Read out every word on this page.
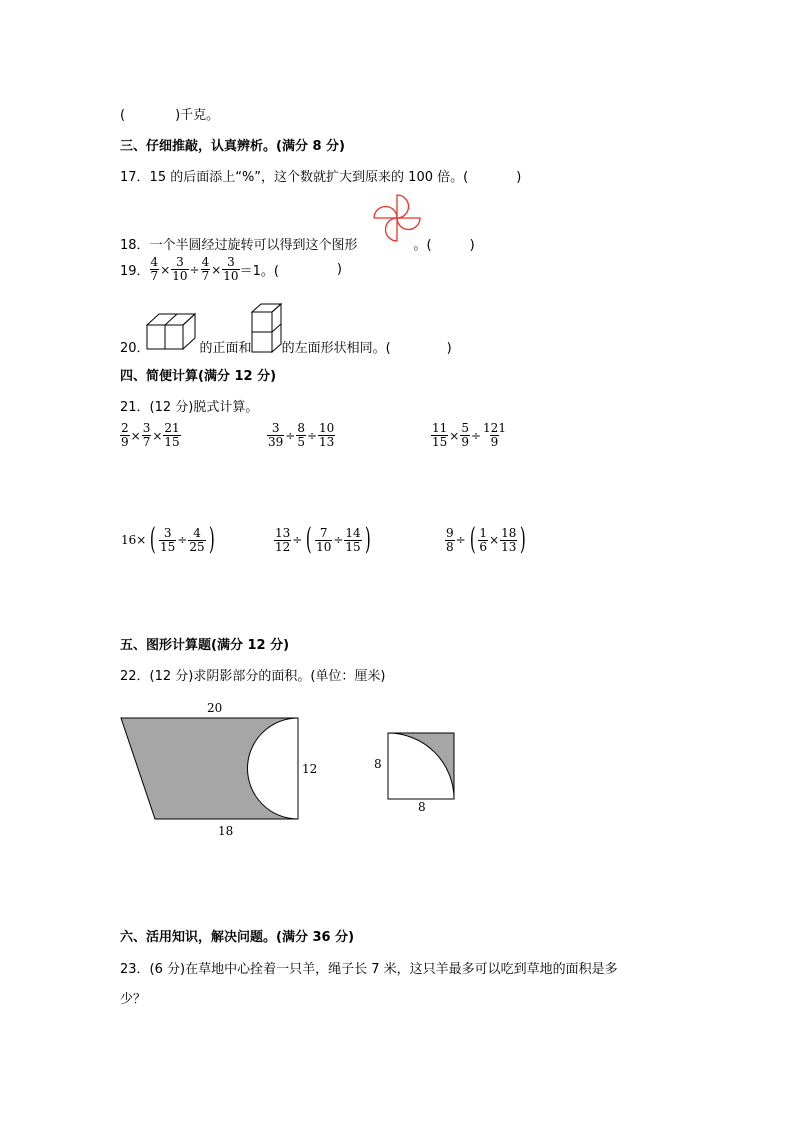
(	)千克。
三、仔细推敲，认真辨析。(满分 8 分)
17．15 的后面添上“%”，这个数就扩大到原来的 100 倍。(	)
18．一个半圆经过旋转可以得到这个图形	。(	)
19． $\frac{4}{7} \times \frac{3}{10} \div \frac{4}{7} \times \frac{3}{10} =1$。(	)
20．	的正面和 的左面形状相同。(	)
四、简便计算(满分 12 分)
21．(12 分)脱式计算。
$\frac{2}{9} \times \frac{3}{7} \times \frac{21}{15}$	$\frac{3}{39} \div \frac{8}{5} \div \frac{10}{13}$	$\frac{11}{15} \times \frac{5}{9} \div \frac{121}{9}$
16× ( $\frac{3}{15} \div \frac{4}{25}$ )	$\frac{13}{12}$ ÷ ( $\frac{7}{10} \div \frac{14}{15}$ )	$\frac{9}{8}$ ÷ ( $\frac{1}{6} \times \frac{18}{13}$ )
五、图形计算题(满分 12 分)
22．(12 分)求阴影部分的面积。(单位：厘米)
20
12
18
8
8
六、活用知识，解决问题。(满分 36 分)
23．(6 分)在草地中心拴着一只羊，绳子长 7 米，这只羊最多可以吃到草地的面积是多
少？
